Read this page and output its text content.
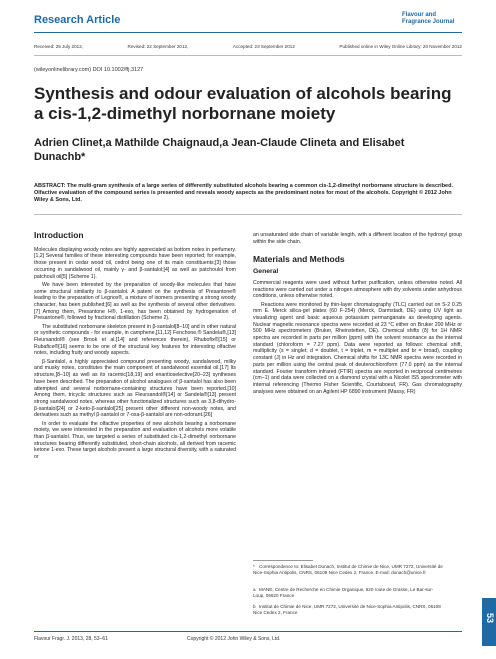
Research Article	Flavour and
Fragrance Journal
Received: 25 July 2012,	Revised: 22 September 2012,	Accepted: 23 September 2012	Published online in Wiley Online Library: 20 November 2012
(wileyonlinelibrary.com) DOI 10.1002/ffj.3127
Synthesis and odour evaluation of alcohols bearing a cis-1,2-dimethyl norbornane moiety
Adrien Clinet,a Mathilde Chaignaud,a Jean-Claude Clineta and Elisabet Dunachb*
ABSTRACT: The multi-gram synthesis of a large series of differently substituted alcohols bearing a common cis-1,2-dimethyl norbornane structure is described. Olfactive evaluation of the compound series is presented and reveals woody aspects as the predominant notes for most of the alcohols. Copyright © 2012 John Wiley & Sons, Ltd.
Introduction

Molecules displaying woody notes are highly appreciated as bottom notes in perfumery.[1,2] Several families of these interesting compounds have been reported; for example, those present in cedar wood oil, cedrol being one of its main constituents;[3] those occurring in sandalwood oil, mainly γ- and β-santalol;[4] as well as patchoulol from patchouli oil[5] (Scheme 1).

We have been interested by the preparation of woody-like molecules that have some structural similarity to β-santalol. A patent on the synthesis of Presantone® leading to the preparation of Legnox®, a mixture of isomers presenting a strong woody character, has been published;[6] as well as the synthesis of several other derivatives.[7] Among them, Presantone H®, 1-exo, has been obtained by hydrogenation of Presantone®, followed by fractional distillation (Scheme 2).

The substituted norbornane skeleton present in β-santalol[8–10] and in other natural or synthetic compounds - for example, in camphene,[11,12] Fenchone,® Sandela®,[13] Fleursandol® (see Brook et al.[14] and references therein), Rhubofix®[15] or Rubafice®[16] seems to be one of the structural key features for interesting olfactive notes, including fruity and woody aspects.

β-Santalol, a highly appreciated compound presenting woody, sandalwood, milky and musky notes, constitutes the main component of sandalwood essential oil.[17] Its structure,[8–10] as well as its racemic[18,19] and enantioselective[20–23] syntheses have been described. The preparation of alcohol analogues of β-santalol has also been attempted and several norbornane-containing structures have been reported.[10] Among them, tricyclic structures such as Fleursandol®[14] or Sandela®[13] present strong sandalwood notes, whereas other functionalized structures such as 3,8-dihydro-β-santalol[24] or 2-keto-β-santalol[25] present other different non-woody notes, and derivatives such as methyl β-santalol or 7-oxa-β-santalol are non-odorant.[26]

In order to evaluate the olfactive properties of new alcohols bearing a norbornane moiety, we were interested in the preparation and evaluation of alcohols more volatile than β-santalol. Thus, we targeted a series of substituted cis-1,2-dimethyl norbornane structures bearing differently substituted, short-chain alcohols, all derived from racemic ketone 1-exo. These target alcohols present a large structural diversity, with a saturated or

an unsaturated side chain of variable length, with a different location of the hydroxyl group within the side chain.

Materials and Methods
General

Commercial reagents were used without further purification, unless otherwise noted. All reactions were carried out under a nitrogen atmosphere with dry solvents under anhydrous conditions, unless otherwise noted.

Reactions were monitored by thin-layer chromatography (TLC) carried out on S-2 0.25 mm E. Merck silica-gel plates (60 F-254) (Merck, Darmstadt, DE) using UV light as visualizing agent and basic aqueous potassium permanganate as developing agents. Nuclear magnetic resonance spectra were recorded at 23 °C either on Bruker 200 MHz or 500 MHz spectrometers (Bruker, Rheinstetten, DE). Chemical shifts (δ) for 1H NMR spectra are recorded in parts per million (ppm) with the solvent resonance as the internal standard (chloroform = 7.27 ppm). Data were reported as follows: chemical shift, multiplicity (s = singlet, d = doublet, t = triplet, m = multiplet and br = broad), coupling constant (J) in Hz and integration. Chemical shifts for 13C NMR spectra were recorded in parts per million using the central peak of deuterochloroform (77.0 ppm) as the internal standard. Fourier transform infrared (FTIR) spectra are reported in reciprocal centimetres (cm−1) and data were collected on a diamond crystal with a Nicolet IS5 spectrometer with internal referencing (Thermo Fisher Scientific, Courtaboeuf, FR). Gas chromatography analyses were obtained on an Agilent HP 6890 instrument (Massy, FR)

* Correspondence to: Elisabet Dunach, Institut de Chimie de Nice, UMR 7272, Université de Nice-Sophia Antipolis, CNRS, 06108 Nice Cedex 2, France. E-mail: dunach@unice.fr
a MANE, Centre de Recherche en Chimie Organique, 620 route de Grasse, Le Bar-sur-Loup, 06620 France
b Institut de Chimie de Nice, UMR 7272, Université de Nice-Sophia Antipolis, CNRS, 06108 Nice Cedex 2, France
Flavour Fragr. J. 2013, 28, 53–61	Copyright © 2012 John Wiley & Sons, Ltd.
53
